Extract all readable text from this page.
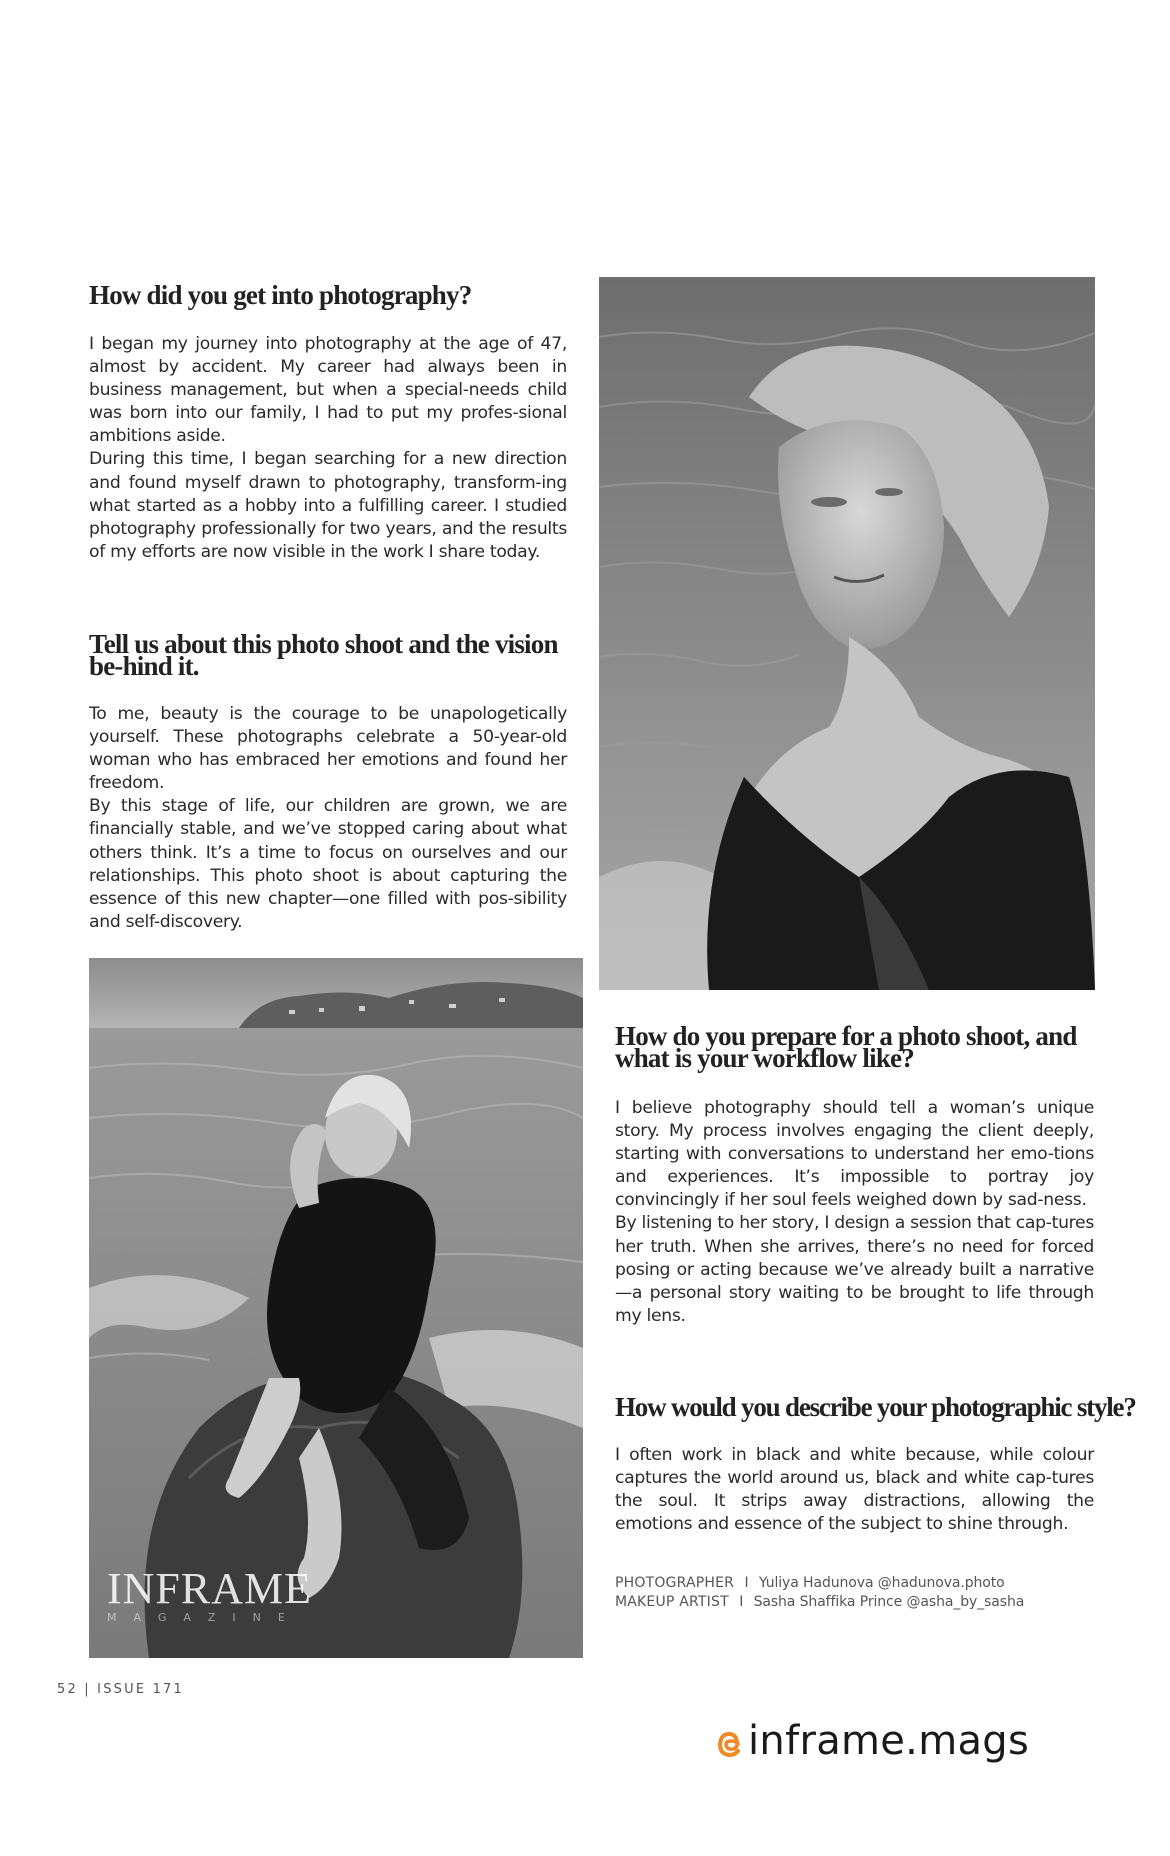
How did you get into photography?

I began my journey into photography at the age of 47, almost by accident. My career had always been in business management, but when a special-needs child was born into our family, I had to put my profes-sional ambitions aside.

During this time, I began searching for a new direction and found myself drawn to photography, transform-ing what started as a hobby into a fulfilling career. I studied photography professionally for two years, and the results of my efforts are now visible in the work I share today.

Tell us about this photo shoot and the vision be-hind it.

To me, beauty is the courage to be unapologetically yourself. These photographs celebrate a 50-year-old woman who has embraced her emotions and found her freedom.

By this stage of life, our children are grown, we are financially stable, and we’ve stopped caring about what others think. It’s a time to focus on ourselves and our relationships. This photo shoot is about capturing the essence of this new chapter—one filled with pos-sibility and self-discovery.

INFRAME
MAGAZINE
How do you prepare for a photo shoot, and what is your workflow like?

I believe photography should tell a woman’s unique story. My process involves engaging the client deeply, starting with conversations to understand her emo-tions and experiences. It’s impossible to portray joy convincingly if her soul feels weighed down by sad-ness.

By listening to her story, I design a session that cap-tures her truth. When she arrives, there’s no need for forced posing or acting because we’ve already built a narrative—a personal story waiting to be brought to life through my lens.

How would you describe your photographic style?

I often work in black and white because, while colour captures the world around us, black and white cap-tures the soul. It strips away distractions, allowing the emotions and essence of the subject to shine through.

PHOTOGRAPHER I Yuliya Hadunova @hadunova.photo
MAKEUP ARTIST I Sasha Shaffika Prince @asha_by_sasha
52 | ISSUE 171
inframe.mags
